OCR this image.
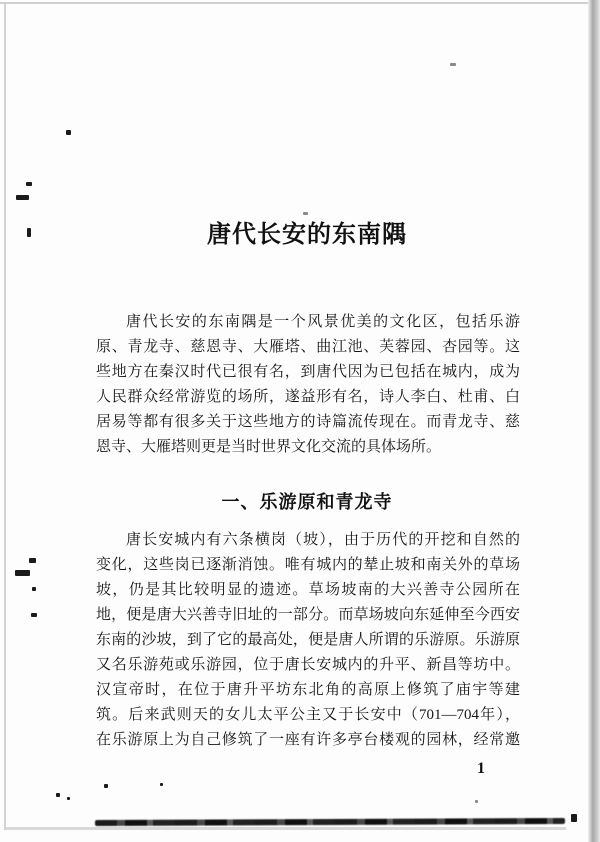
唐代长安的东南隅
唐代长安的东南隅是一个风景优美的文化区，包括乐游
原、青龙寺、慈恩寺、大雁塔、曲江池、芙蓉园、杏园等。这
些地方在秦汉时代已很有名，到唐代因为已包括在城内，成为
人民群众经常游览的场所，遂益形有名，诗人李白、杜甫、白
居易等都有很多关于这些地方的诗篇流传现在。而青龙寺、慈
恩寺、大雁塔则更是当时世界文化交流的具体场所。
一、乐游原和青龙寺
唐长安城内有六条横岗（坡），由于历代的开挖和自然的
变化，这些岗已逐渐消蚀。唯有城内的辇止坡和南关外的草场
坡，仍是其比较明显的遗迹。草场坡南的大兴善寺公园所在
地，便是唐大兴善寺旧址的一部分。而草场坡向东延伸至今西安
东南的沙坡，到了它的最高处，便是唐人所谓的乐游原。乐游原
又名乐游苑或乐游园，位于唐长安城内的升平、新昌等坊中。
汉宣帝时，在位于唐升平坊东北角的高原上修筑了庙宇等建
筑。后来武则天的女儿太平公主又于长安中（701—704年），
在乐游原上为自己修筑了一座有许多亭台楼观的园林，经常邀
1
